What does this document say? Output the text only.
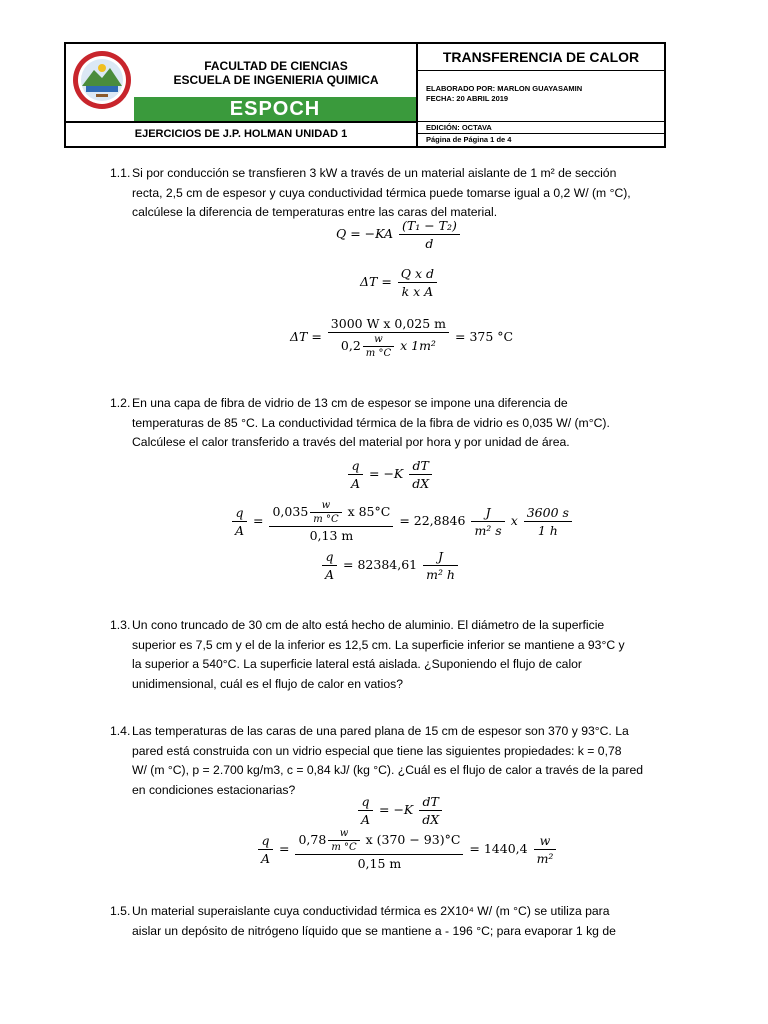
FACULTAD DE CIENCIAS
ESCUELA DE INGENIERIA QUIMICA
ESPOCH
EJERCICIOS DE J.P. HOLMAN UNIDAD 1
TRANSFERENCIA DE CALOR
ELABORADO POR: MARLON GUAYASAMIN
FECHA: 20 ABRIL 2019
EDICIÓN: OCTAVA
Página de Página 1 de 4
1.1. Si por conducción se transfieren 3 kW a través de un material aislante de 1 m² de sección
recta, 2,5 cm de espesor y cuya conductividad térmica puede tomarse igual a 0,2 W/ (m °C),
calcúlese la diferencia de temperaturas entre las caras del material.
$Q = -KA \frac{\text{(T₁ − T₂)}}{d}$
$\Delta T = \frac{\text{Q x d}}{\text{k x A}}$
$\Delta T = \frac{\text{3000 W x 0,025 m}}{0,2 \frac{w}{m ^\circ C} x 1m^2} = 375$ °C
1.2. En una capa de fibra de vidrio de 13 cm de espesor se impone una diferencia de
temperaturas de 85 °C. La conductividad térmica de la fibra de vidrio es 0,035 W/ (m°C).
Calcúlese el calor transferido a través del material por hora y por unidad de área.
$\frac{q}{A} = -K \frac{dT}{dX}$
$\frac{q}{A} = \frac{0,035 \frac{w}{m ^\circ C} x 85^\circ C}{0,13 m} = 22,8846 \frac{J}{\text{m² s}}$ x $\frac{3600 s}{1 h}$
$\frac{q}{A} = 82384,61 \frac{J}{\text{m² h}}$
1.3. Un cono truncado de 30 cm de alto está hecho de aluminio. El diámetro de la superficie
superior es 7,5 cm y el de la inferior es 12,5 cm. La superficie inferior se mantiene a 93°C y
la superior a 540°C. La superficie lateral está aislada. ¿Suponiendo el flujo de calor
unidimensional, cuál es el flujo de calor en vatios?
1.4. Las temperaturas de las caras de una pared plana de 15 cm de espesor son 370 y 93°C. La
pared está construida con un vidrio especial que tiene las siguientes propiedades: k = 0,78
W/ (m °C), p = 2.700 kg/m3, c = 0,84 kJ/ (kg °C). ¿Cuál es el flujo de calor a través de la pared
en condiciones estacionarias?
$\frac{q}{A} = -K \frac{dT}{dX}$
$\frac{q}{A} = \frac{0,78 \frac{w}{m ^\circ C} x (370 - 93)^\circ C}{0,15 m} = 1440,4 \frac{w}{\text{m²}}$
1.5. Un material superaislante cuya conductividad térmica es 2X10⁴ W/ (m °C) se utiliza para
aislar un depósito de nitrógeno líquido que se mantiene a - 196 °C; para evaporar 1 kg de
